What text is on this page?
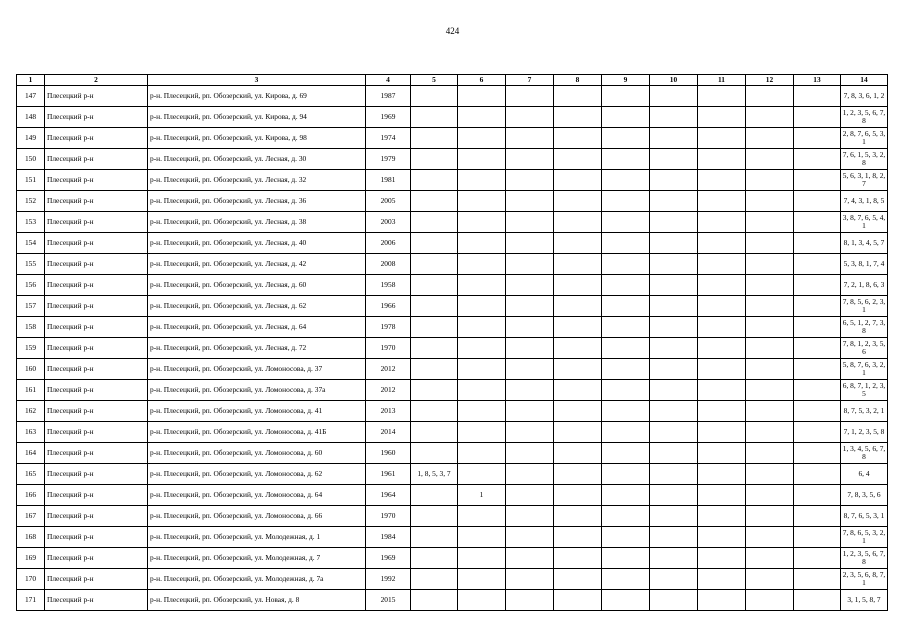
424
1	2	3	4	5	6	7	8	9	10	11	12	13	14
147	Плесецкий р-н	р-н. Плесецкий, рп. Обозерский, ул. Кирова, д. 69	1987										7, 8, 3, 6, 1, 2
148	Плесецкий р-н	р-н. Плесецкий, рп. Обозерский, ул. Кирова, д. 94	1969										1, 2, 3, 5, 6, 7, 8
149	Плесецкий р-н	р-н. Плесецкий, рп. Обозерский, ул. Кирова, д. 98	1974										2, 8, 7, 6, 5, 3, 1
150	Плесецкий р-н	р-н. Плесецкий, рп. Обозерский, ул. Лесная, д. 30	1979										7, 6, 1, 5, 3, 2, 8
151	Плесецкий р-н	р-н. Плесецкий, рп. Обозерский, ул. Лесная, д. 32	1981										5, 6, 3, 1, 8, 2, 7
152	Плесецкий р-н	р-н. Плесецкий, рп. Обозерский, ул. Лесная, д. 36	2005										7, 4, 3, 1, 8, 5
153	Плесецкий р-н	р-н. Плесецкий, рп. Обозерский, ул. Лесная, д. 38	2003										3, 8, 7, 6, 5, 4, 1
154	Плесецкий р-н	р-н. Плесецкий, рп. Обозерский, ул. Лесная, д. 40	2006										8, 1, 3, 4, 5, 7
155	Плесецкий р-н	р-н. Плесецкий, рп. Обозерский, ул. Лесная, д. 42	2008										5, 3, 8, 1, 7, 4
156	Плесецкий р-н	р-н. Плесецкий, рп. Обозерский, ул. Лесная, д. 60	1958										7, 2, 1, 8, 6, 3
157	Плесецкий р-н	р-н. Плесецкий, рп. Обозерский, ул. Лесная, д. 62	1966										7, 8, 5, 6, 2, 3, 1
158	Плесецкий р-н	р-н. Плесецкий, рп. Обозерский, ул. Лесная, д. 64	1978										6, 5, 1, 2, 7, 3, 8
159	Плесецкий р-н	р-н. Плесецкий, рп. Обозерский, ул. Лесная, д. 72	1970										7, 8, 1, 2, 3, 5, 6
160	Плесецкий р-н	р-н. Плесецкий, рп. Обозерский, ул. Ломоносова, д. 37	2012										5, 8, 7, 6, 3, 2, 1
161	Плесецкий р-н	р-н. Плесецкий, рп. Обозерский, ул. Ломоносова, д. 37а	2012										6, 8, 7, 1, 2, 3, 5
162	Плесецкий р-н	р-н. Плесецкий, рп. Обозерский, ул. Ломоносова, д. 41	2013										8, 7, 5, 3, 2, 1
163	Плесецкий р-н	р-н. Плесецкий, рп. Обозерский, ул. Ломоносова, д. 41Б	2014										7, 1, 2, 3, 5, 8
164	Плесецкий р-н	р-н. Плесецкий, рп. Обозерский, ул. Ломоносова, д. 60	1960										1, 3, 4, 5, 6, 7, 8
165	Плесецкий р-н	р-н. Плесецкий, рп. Обозерский, ул. Ломоносова, д. 62	1961	1, 8, 5, 3, 7									6, 4
166	Плесецкий р-н	р-н. Плесецкий, рп. Обозерский, ул. Ломоносова, д. 64	1964		1								7, 8, 3, 5, 6
167	Плесецкий р-н	р-н. Плесецкий, рп. Обозерский, ул. Ломоносова, д. 66	1970										8, 7, 6, 5, 3, 1
168	Плесецкий р-н	р-н. Плесецкий, рп. Обозерский, ул. Молодежная, д. 1	1984										7, 8, 6, 5, 3, 2, 1
169	Плесецкий р-н	р-н. Плесецкий, рп. Обозерский, ул. Молодежная, д. 7	1969										1, 2, 3, 5, 6, 7, 8
170	Плесецкий р-н	р-н. Плесецкий, рп. Обозерский, ул. Молодежная, д. 7а	1992										2, 3, 5, 6, 8, 7, 1
171	Плесецкий р-н	р-н. Плесецкий, рп. Обозерский, ул. Новая, д. 8	2015										3, 1, 5, 8, 7
